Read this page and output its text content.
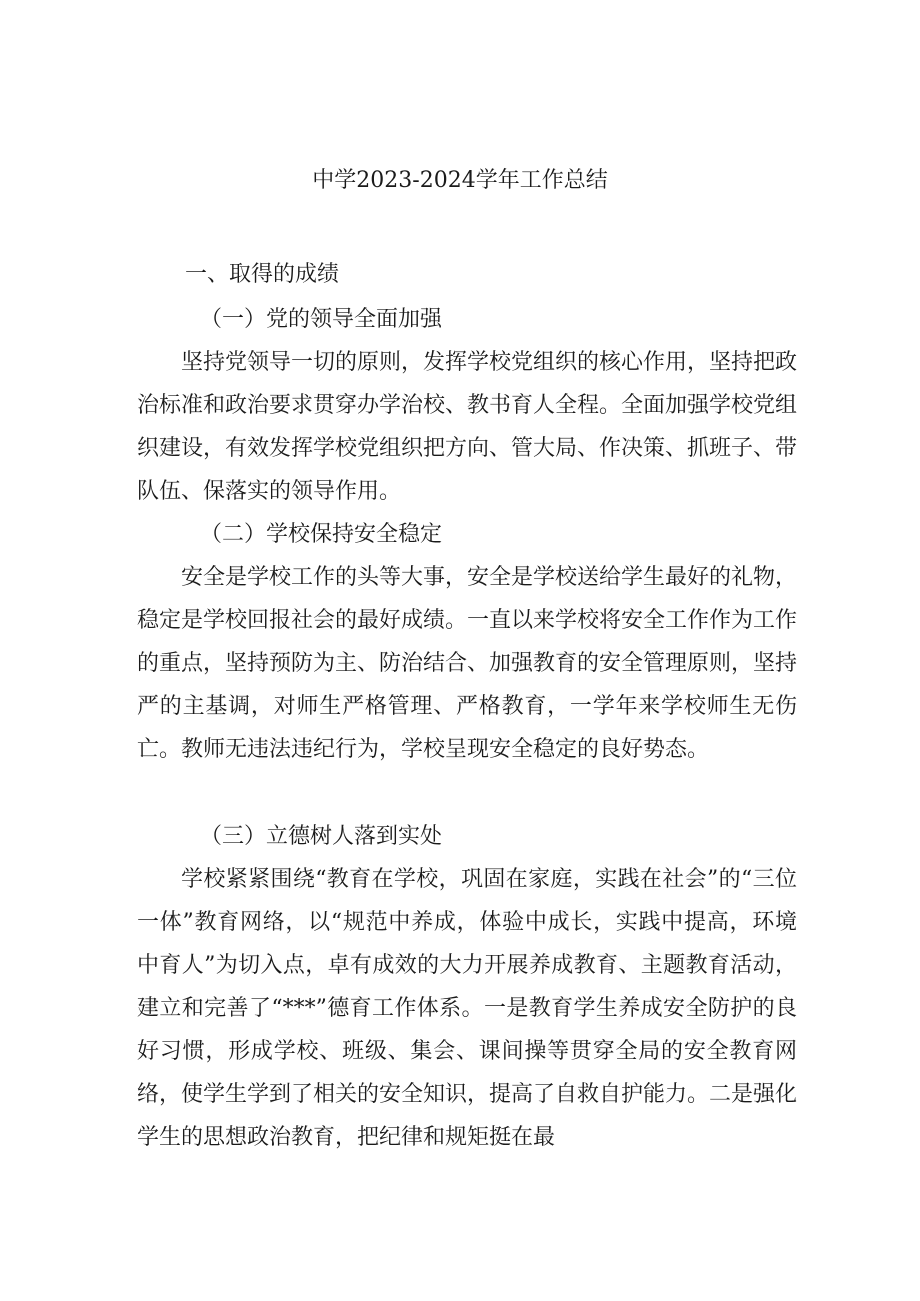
中学2023-2024学年工作总结
一、取得的成绩
（一）党的领导全面加强

坚持党领导一切的原则，发挥学校党组织的核心作用，坚持把政治标准和政治要求贯穿办学治校、教书育人全程。全面加强学校党组织建设，有效发挥学校党组织把方向、管大局、作决策、抓班子、带队伍、保落实的领导作用。

（二）学校保持安全稳定

安全是学校工作的头等大事，安全是学校送给学生最好的礼物，稳定是学校回报社会的最好成绩。一直以来学校将安全工作作为工作的重点，坚持预防为主、防治结合、加强教育的安全管理原则，坚持严的主基调，对师生严格管理、严格教育，一学年来学校师生无伤亡。教师无违法违纪行为，学校呈现安全稳定的良好势态。

（三）立德树人落到实处

学校紧紧围绕“教育在学校，巩固在家庭，实践在社会”的“三位一体”教育网络，以“规范中养成，体验中成长，实践中提高，环境中育人”为切入点，卓有成效的大力开展养成教育、主题教育活动，建立和完善了“***”德育工作体系。一是教育学生养成安全防护的良好习惯，形成学校、班级、集会、课间操等贯穿全局的安全教育网络，使学生学到了相关的安全知识，提高了自救自护能力。二是强化学生的思想政治教育，把纪律和规矩挺在最
